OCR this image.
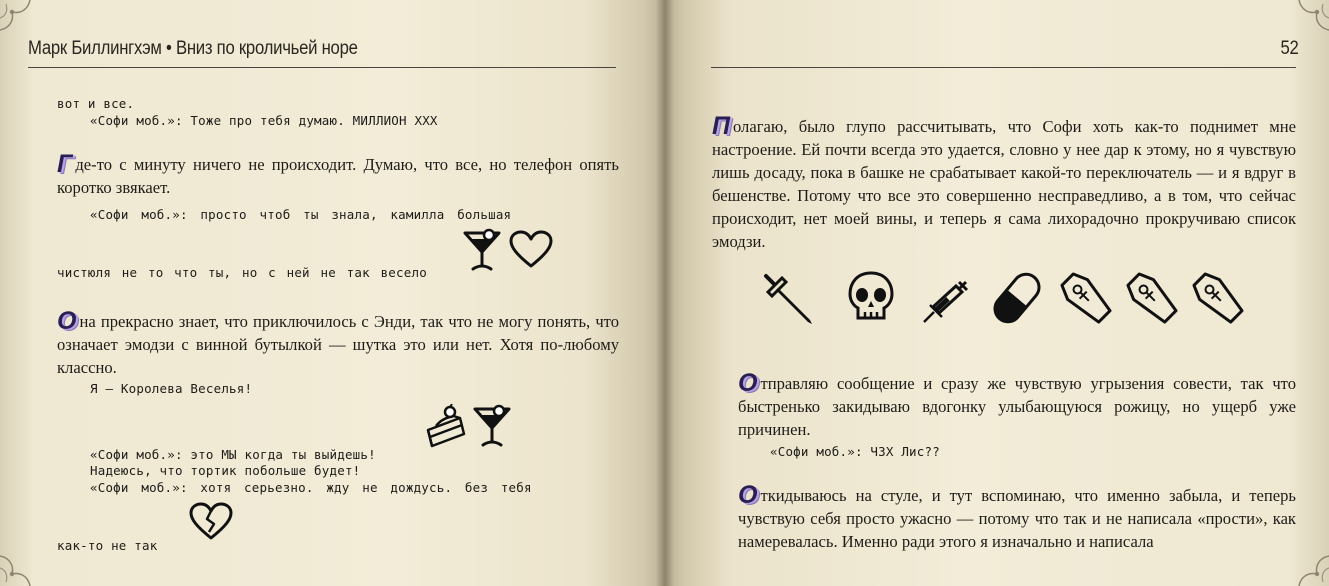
Марк Биллингхэм • Вниз по кроличьей норе
вот и все.
«Софи моб.»: Тоже про тебя думаю. МИЛЛИОН ХХХ
Где-то с минуту ничего не происходит. Думаю, что все, но телефон опять коротко звякает.
«Софи моб.»: просто чтоб ты знала, камилла большая
чистюля не то что ты, но с ней не так весело
Она прекрасно знает, что приключилось с Энди, так что не могу понять, что означает эмодзи с винной бутылкой — шутка это или нет. Хотя по-любому классно.
Я — Королева Веселья!
«Софи моб.»: это МЫ когда ты выйдешь!
Надеюсь, что тортик побольше будет!
«Софи моб.»: хотя серьезно. жду не дождусь. без тебя
как-то не так
52
Полагаю, было глупо рассчитывать, что Софи хоть как-то поднимет мне настроение. Ей почти всегда это удается, словно у нее дар к этому, но я чувствую лишь досаду, пока в башке не срабатывает какой-то переключатель — и я вдруг в бешенстве. Потому что все это совершенно несправедливо, а в том, что сейчас происходит, нет моей вины, и теперь я сама лихорадочно прокручиваю список эмодзи.
Отправляю сообщение и сразу же чувствую угрызения совести, так что быстренько закидываю вдогонку улыбающуюся рожицу, но ущерб уже причинен.
«Софи моб.»: ЧЗХ Лис??
Откидываюсь на стуле, и тут вспоминаю, что именно забыла, и теперь чувствую себя просто ужасно — потому что так и не написала «прости», как намеревалась. Именно ради этого я изначально и написала
